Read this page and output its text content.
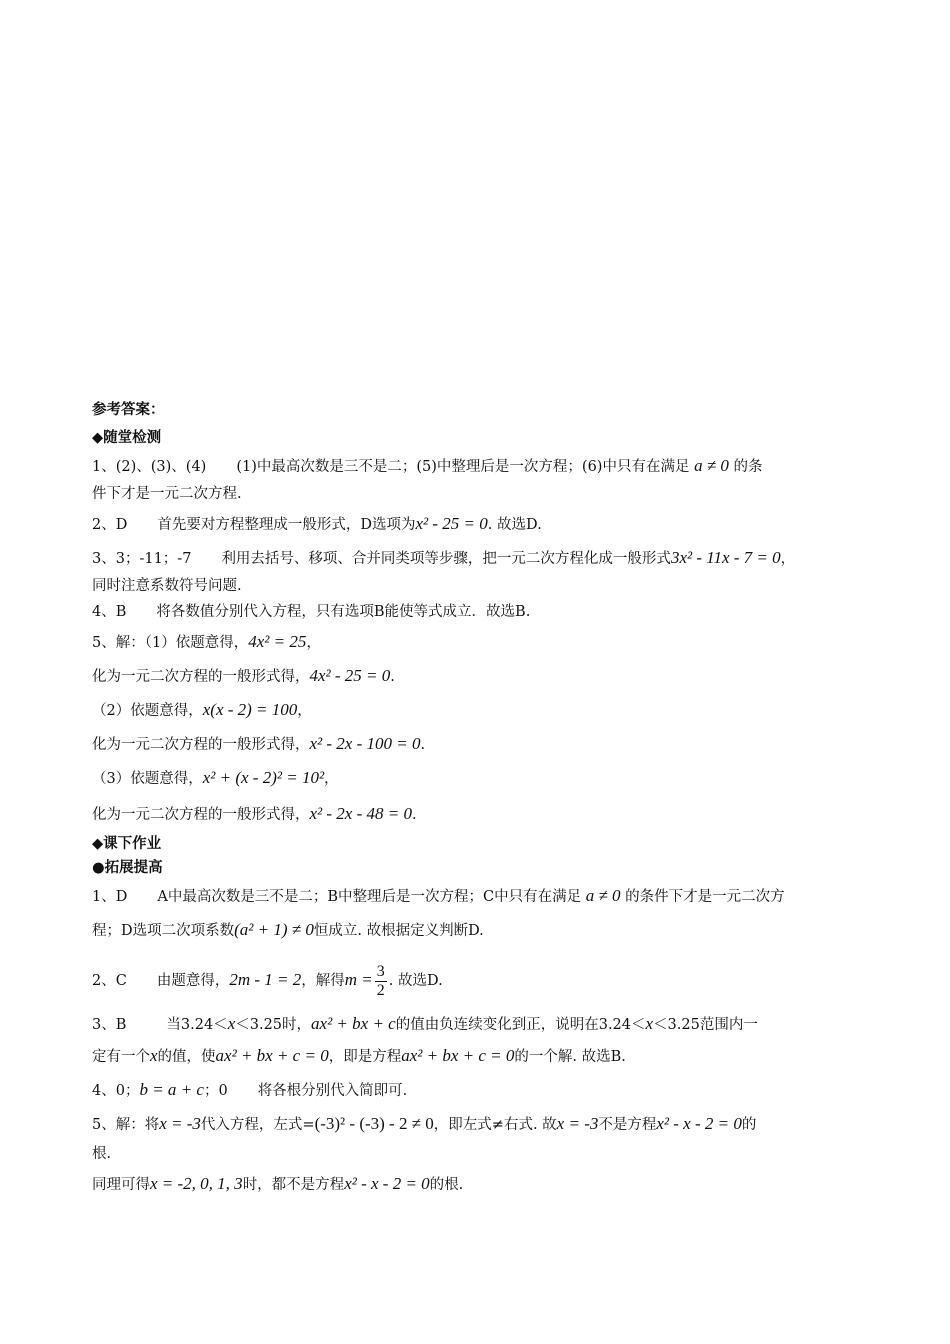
参考答案：
◆随堂检测
1、(2)、(3)、(4) (1)中最高次数是三不是二；(5)中整理后是一次方程；(6)中只有在满足 a ≠ 0 的条
件下才是一元二次方程.
2、D 首先要对方程整理成一般形式，D选项为x² - 25 = 0. 故选D.
3、3；-11；-7 利用去括号、移项、合并同类项等步骤，把一元二次方程化成一般形式3x² - 11x - 7 = 0，
同时注意系数符号问题.
4、B 将各数值分别代入方程，只有选项B能使等式成立．故选B.
5、解：（1）依题意得，4x² = 25，
化为一元二次方程的一般形式得，4x² - 25 = 0.
（2）依题意得，x(x - 2) = 100，
化为一元二次方程的一般形式得，x² - 2x - 100 = 0.
（3）依题意得，x² + (x - 2)² = 10²，
化为一元二次方程的一般形式得，x² - 2x - 48 = 0.
◆课下作业
●拓展提高
1、D A中最高次数是三不是二；B中整理后是一次方程；C中只有在满足 a ≠ 0 的条件下才是一元二次方
程；D选项二次项系数(a² + 1) ≠ 0恒成立. 故根据定义判断D.
2、C 由题意得，2m - 1 = 2，解得$m = \frac{3}{2}$ . 故选D.
3、B	当3.24＜x＜3.25时，ax² + bx + c的值由负连续变化到正，说明在3.24＜x＜3.25范围内一
定有一个x的值，使ax² + bx + c = 0，即是方程ax² + bx + c = 0的一个解. 故选B.
4、0；b = a + c；0 将各根分别代入简即可.
5、解：将x = -3代入方程，左式=(-3)² - (-3) - 2 ≠ 0，即左式≠右式. 故x = -3不是方程x² - x - 2 = 0的
根.
同理可得x = -2, 0, 1, 3时，都不是方程x² - x - 2 = 0的根.
